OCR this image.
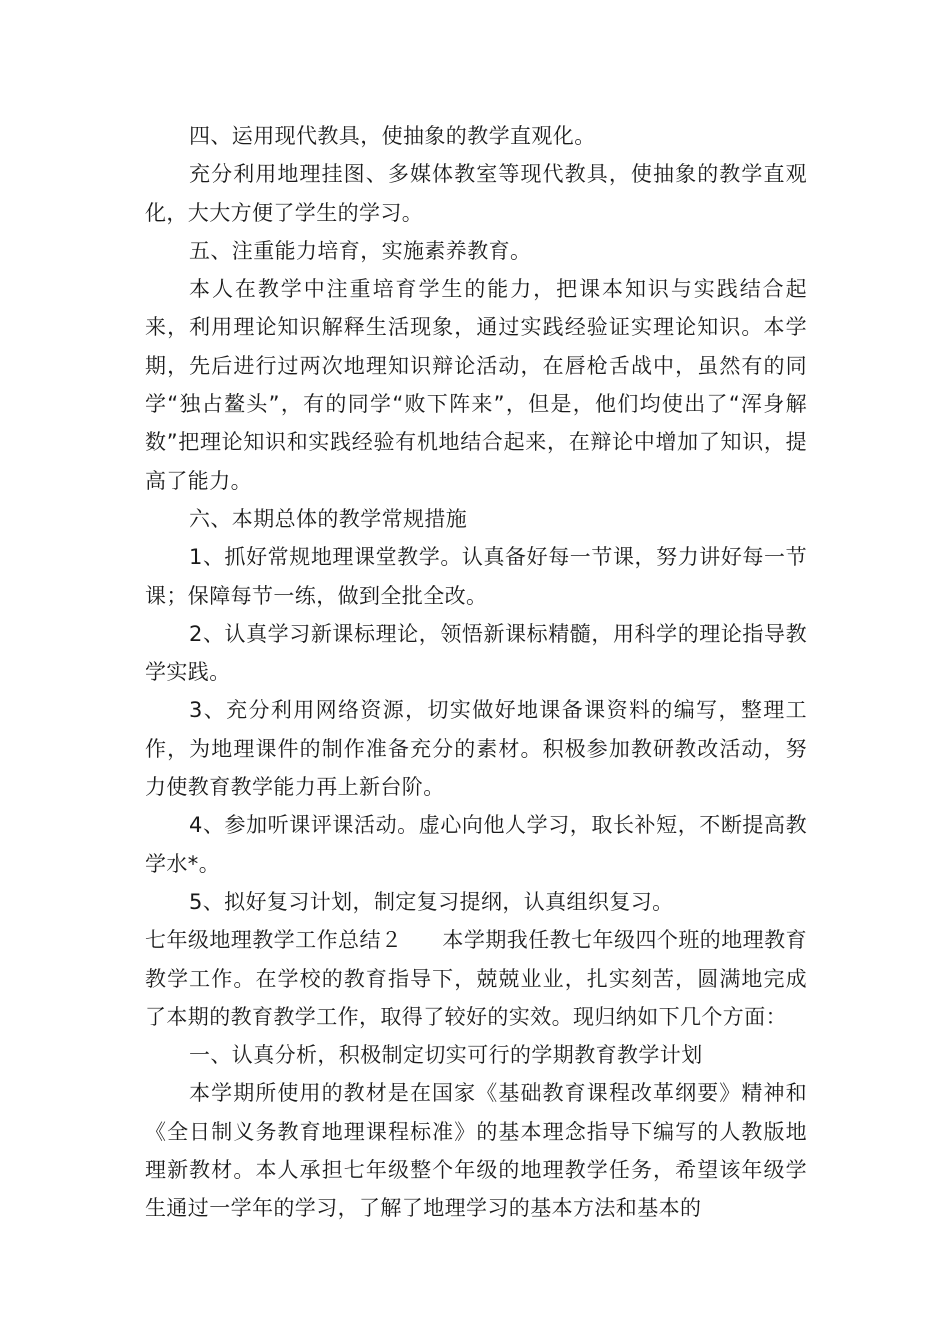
四、运用现代教具，使抽象的教学直观化。

充分利用地理挂图、多媒体教室等现代教具，使抽象的教学直观化，大大方便了学生的学习。

五、注重能力培育，实施素养教育。

本人在教学中注重培育学生的能力，把课本知识与实践结合起来，利用理论知识解释生活现象，通过实践经验证实理论知识。本学期，先后进行过两次地理知识辩论活动，在唇枪舌战中，虽然有的同学“独占鳌头”，有的同学“败下阵来”，但是，他们均使出了“浑身解数”把理论知识和实践经验有机地结合起来，在辩论中增加了知识，提高了能力。

六、本期总体的教学常规措施

1、抓好常规地理课堂教学。认真备好每一节课，努力讲好每一节课；保障每节一练，做到全批全改。

2、认真学习新课标理论，领悟新课标精髓，用科学的理论指导教学实践。

3、充分利用网络资源，切实做好地课备课资料的编写，整理工作，为地理课件的制作准备充分的素材。积极参加教研教改活动，努力使教育教学能力再上新台阶。

4、参加听课评课活动。虚心向他人学习，取长补短，不断提高教学水*。

5、拟好复习计划，制定复习提纲，认真组织复习。

七年级地理教学工作总结２ 本学期我任教七年级四个班的地理教育教学工作。在学校的教育指导下，兢兢业业，扎实刻苦，圆满地完成了本期的教育教学工作，取得了较好的实效。现归纳如下几个方面：

一、认真分析，积极制定切实可行的学期教育教学计划

本学期所使用的教材是在国家《基础教育课程改革纲要》精神和《全日制义务教育地理课程标准》的基本理念指导下编写的人教版地理新教材。本人承担七年级整个年级的地理教学任务，希望该年级学生通过一学年的学习，了解了地理学习的基本方法和基本的
